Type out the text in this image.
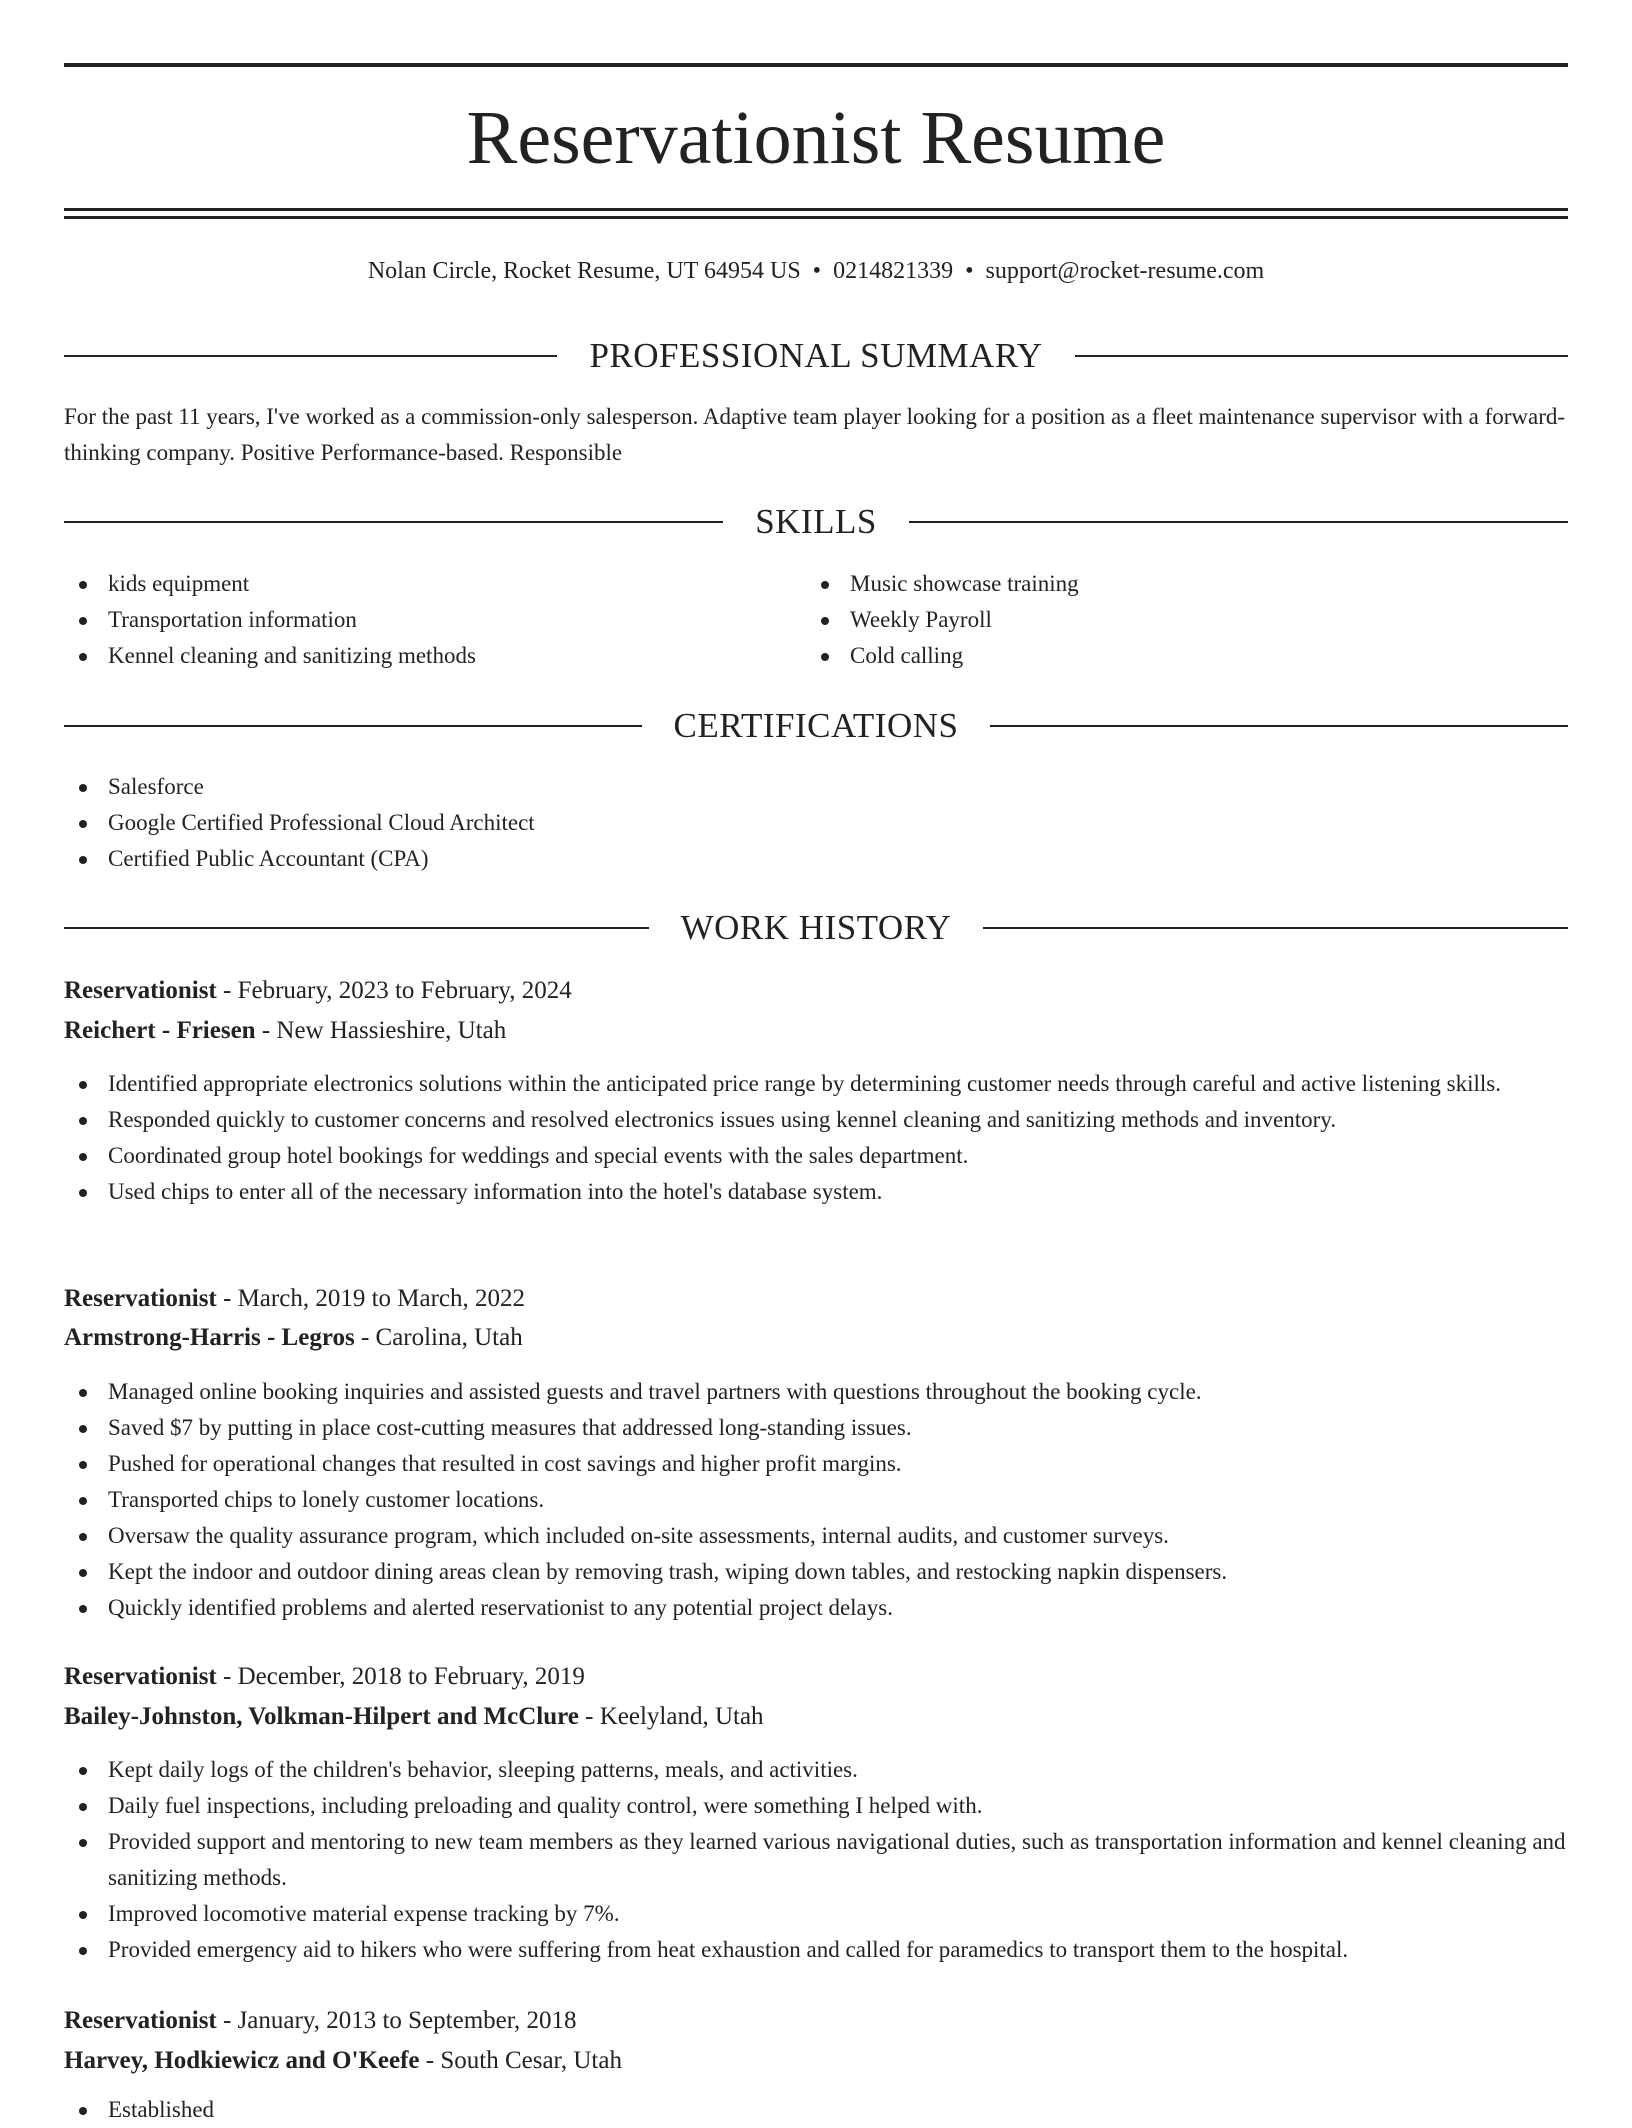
Reservationist Resume
Nolan Circle, Rocket Resume, UT 64954 US • 0214821339 • support@rocket-resume.com
PROFESSIONAL SUMMARY
For the past 11 years, I've worked as a commission-only salesperson. Adaptive team player looking for a position as a fleet maintenance supervisor with a forward-thinking company. Positive Performance-based. Responsible
SKILLS
kids equipment
Transportation information
Kennel cleaning and sanitizing methods
Music showcase training
Weekly Payroll
Cold calling
CERTIFICATIONS
Salesforce
Google Certified Professional Cloud Architect
Certified Public Accountant (CPA)
WORK HISTORY
Reservationist - February, 2023 to February, 2024
Reichert - Friesen - New Hassieshire, Utah
Identified appropriate electronics solutions within the anticipated price range by determining customer needs through careful and active listening skills.
Responded quickly to customer concerns and resolved electronics issues using kennel cleaning and sanitizing methods and inventory.
Coordinated group hotel bookings for weddings and special events with the sales department.
Used chips to enter all of the necessary information into the hotel's database system.
Reservationist - March, 2019 to March, 2022
Armstrong-Harris - Legros - Carolina, Utah
Managed online booking inquiries and assisted guests and travel partners with questions throughout the booking cycle.
Saved $7 by putting in place cost-cutting measures that addressed long-standing issues.
Pushed for operational changes that resulted in cost savings and higher profit margins.
Transported chips to lonely customer locations.
Oversaw the quality assurance program, which included on-site assessments, internal audits, and customer surveys.
Kept the indoor and outdoor dining areas clean by removing trash, wiping down tables, and restocking napkin dispensers.
Quickly identified problems and alerted reservationist to any potential project delays.
Reservationist - December, 2018 to February, 2019
Bailey-Johnston, Volkman-Hilpert and McClure - Keelyland, Utah
Kept daily logs of the children's behavior, sleeping patterns, meals, and activities.
Daily fuel inspections, including preloading and quality control, were something I helped with.
Provided support and mentoring to new team members as they learned various navigational duties, such as transportation information and kennel cleaning and sanitizing methods.
Improved locomotive material expense tracking by 7%.
Provided emergency aid to hikers who were suffering from heat exhaustion and called for paramedics to transport them to the hospital.
Reservationist - January, 2013 to September, 2018
Harvey, Hodkiewicz and O'Keefe - South Cesar, Utah
Established
